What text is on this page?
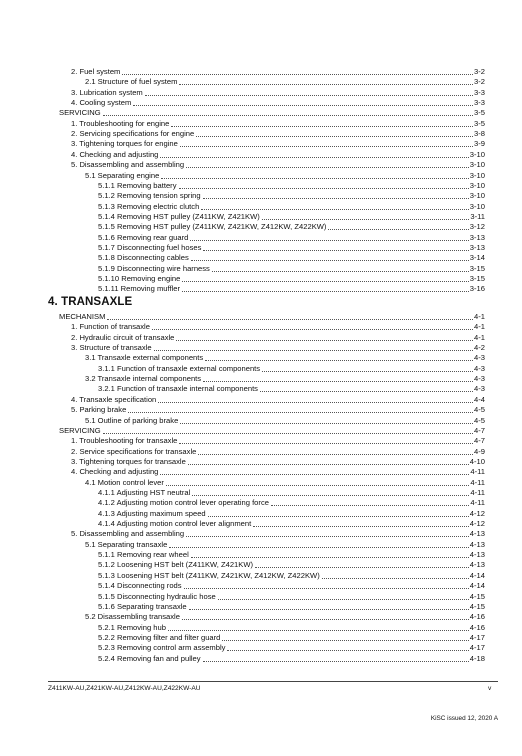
2. Fuel system	3-2
2.1 Structure of fuel system	3-2
3. Lubrication system	3-3
4. Cooling system	3-3
SERVICING	3-5
1. Troubleshooting for engine	3-5
2. Servicing specifications for engine	3-8
3. Tightening torques for engine	3-9
4. Checking and adjusting	3-10
5. Disassembling and assembling	3-10
5.1 Separating engine	3-10
5.1.1 Removing battery	3-10
5.1.2 Removing tension spring	3-10
5.1.3 Removing electric clutch	3-10
5.1.4 Removing HST pulley (Z411KW, Z421KW)	3-11
5.1.5 Removing HST pulley (Z411KW, Z421KW, Z412KW, Z422KW)	3-12
5.1.6 Removing rear guard	3-13
5.1.7 Disconnecting fuel hoses	3-13
5.1.8 Disconnecting cables	3-14
5.1.9 Disconnecting wire harness	3-15
5.1.10 Removing engine	3-15
5.1.11 Removing muffler	3-16
4. TRANSAXLE
MECHANISM	4-1
1. Function of transaxle	4-1
2. Hydraulic circuit of transaxle	4-1
3. Structure of transaxle	4-2
3.1 Transaxle external components	4-3
3.1.1 Function of transaxle external components	4-3
3.2 Transaxle internal components	4-3
3.2.1 Function of transaxle internal components	4-3
4. Transaxle specification	4-4
5. Parking brake	4-5
5.1 Outline of parking brake	4-5
SERVICING	4-7
1. Troubleshooting for transaxle	4-7
2. Service specifications for transaxle	4-9
3. Tightening torques for transaxle	4-10
4. Checking and adjusting	4-11
4.1 Motion control lever	4-11
4.1.1 Adjusting HST neutral	4-11
4.1.2 Adjusting motion control lever operating force	4-11
4.1.3 Adjusting maximum speed	4-12
4.1.4 Adjusting motion control lever alignment	4-12
5. Disassembling and assembling	4-13
5.1 Separating transaxle	4-13
5.1.1 Removing rear wheel	4-13
5.1.2 Loosening HST belt (Z411KW, Z421KW)	4-13
5.1.3 Loosening HST belt (Z411KW, Z421KW, Z412KW, Z422KW)	4-14
5.1.4 Disconnecting rods	4-14
5.1.5 Disconnecting hydraulic hose	4-15
5.1.6 Separating transaxle	4-15
5.2 Disassembling transaxle	4-16
5.2.1 Removing hub	4-16
5.2.2 Removing filter and filter guard	4-17
5.2.3 Removing control arm assembly	4-17
5.2.4 Removing fan and pulley	4-18
Z411KW-AU,Z421KW-AU,Z412KW-AU,Z422KW-AU	v
KiSC issued 12, 2020 A
